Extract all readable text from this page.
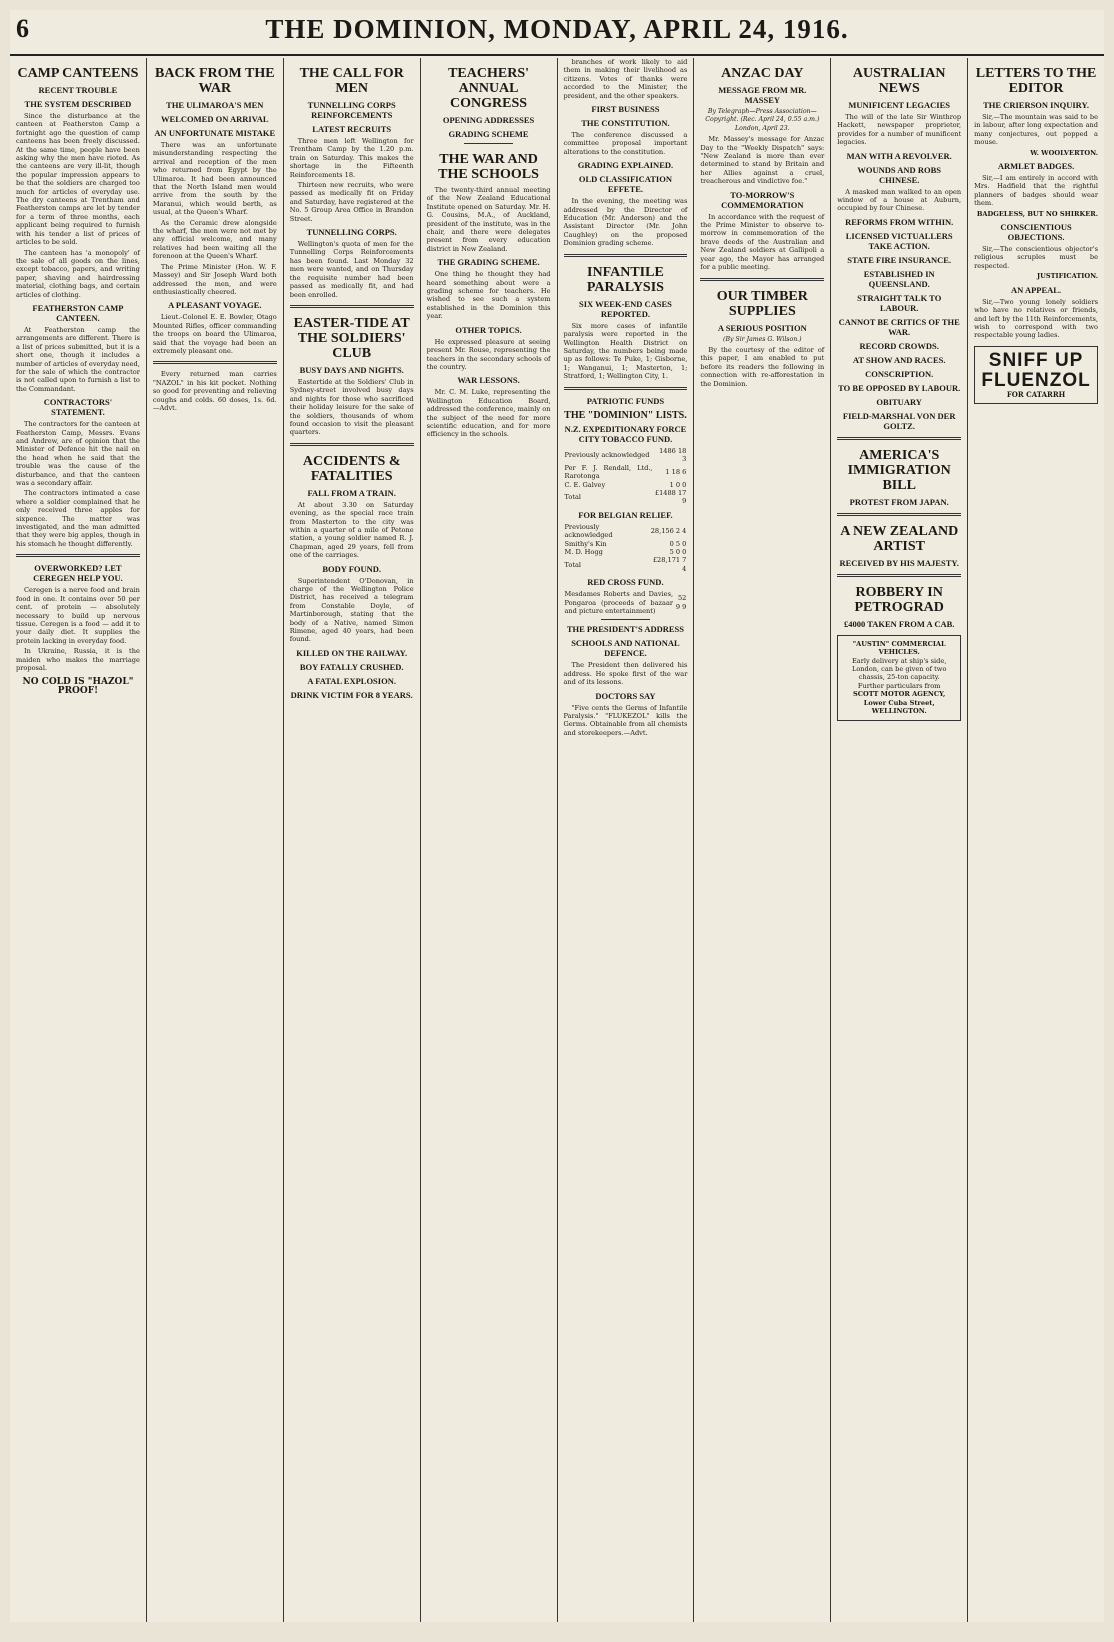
6	THE DOMINION, MONDAY, APRIL 24, 1916.
CAMP CANTEENS
RECENT TROUBLE
THE SYSTEM DESCRIBED

Since the disturbance at the canteen at Featherston Camp a fortnight ago the question of camp canteens has been freely discussed. At the same time, people have been asking why the men have rioted. As the canteens are very ill-lit, though the popular impression appears to be that the soldiers are charged too much for articles of everyday use. The dry canteens at Trentham and Featherston camps are let by tender for a term of three months, each applicant being required to furnish with his tender a list of prices of articles to be sold.

The canteen has 'a monopoly' of the sale of all goods on the lines, except tobacco, papers, and writing paper, shaving and hairdressing material, clothing bags, and certain articles of clothing.

FEATHERSTON CAMP CANTEEN.

At Featherston camp the arrangements are different. There is a list of prices submitted, but it is a short one, though it includes a number of articles of everyday need, for the sale of which the contractor is not called upon to furnish a list to the Commandant.

CONTRACTORS' STATEMENT.

The contractors for the canteen at Featherston Camp, Messrs. Evans and Andrew, are of opinion that the Minister of Defence hit the nail on the head when he said that the trouble was the cause of the disturbance, and that the canteen was a secondary affair.

The contractors intimated a case where a soldier complained that he only received three apples for sixpence. The matter was investigated, and the man admitted that they were big apples, though in his stomach he thought differently.

OVERWORKED? LET CEREGEN HELP YOU.

Ceregen is a nerve food and brain food in one. It contains over 50 per cent. of protein — absolutely necessary to build up nervous tissue. Ceregen is a food — add it to your daily diet. It supplies the protein lacking in everyday food.

In Ukraine, Russia, it is the maiden who makes the marriage proposal.

NO COLD IS "HAZOL" PROOF!
BACK FROM THE WAR
THE ULIMAROA'S MEN
WELCOMED ON ARRIVAL
AN UNFORTUNATE MISTAKE

There was an unfortunate misunderstanding respecting the arrival and reception of the men who returned from Egypt by the Ulimaroa. It had been announced that the North Island men would arrive from the south by the Maranui, which would berth, as usual, at the Queen's Wharf.

As the Ceramic drew alongside the wharf, the men were not met by any official welcome, and many relatives had been waiting all the forenoon at the Queen's Wharf.

The Prime Minister (Hon. W. F. Massey) and Sir Joseph Ward both addressed the men, and were enthusiastically cheered.

A PLEASANT VOYAGE.

Lieut.-Colonel E. E. Bowler, Otago Mounted Rifles, officer commanding the troops on board the Ulimaroa, said that the voyage had been an extremely pleasant one.

Every returned man carries "NAZOL" in his kit pocket. Nothing so good for preventing and relieving coughs and colds. 60 doses, 1s. 6d.—Advt.

THE CALL FOR MEN
TUNNELLING CORPS REINFORCEMENTS
LATEST RECRUITS

Three men left Wellington for Trentham Camp by the 1.20 p.m. train on Saturday. This makes the shortage in the Fifteenth Reinforcements 18.

Thirteen new recruits, who were passed as medically fit on Friday and Saturday, have registered at the No. 5 Group Area Office in Brandon Street.

TUNNELLING CORPS.

Wellington's quota of men for the Tunnelling Corps Reinforcements has been found. Last Monday 32 men were wanted, and on Thursday the requisite number had been passed as medically fit, and had been enrolled.

EASTER-TIDE AT THE SOLDIERS' CLUB
BUSY DAYS AND NIGHTS.

Eastertide at the Soldiers' Club in Sydney-street involved busy days and nights for those who sacrificed their holiday leisure for the sake of the soldiers, thousands of whom found occasion to visit the pleasant quarters.

ACCIDENTS & FATALITIES
FALL FROM A TRAIN.

At about 3.30 on Saturday evening, as the special race train from Masterton to the city was within a quarter of a mile of Petone station, a young soldier named R. J. Chapman, aged 29 years, fell from one of the carriages.

BODY FOUND.

Superintendent O'Donovan, in charge of the Wellington Police District, has received a telegram from Constable Doyle, of Martinborough, stating that the body of a Native, named Simon Rimene, aged 40 years, had been found.

KILLED ON THE RAILWAY.
BOY FATALLY CRUSHED.
A FATAL EXPLOSION.
DRINK VICTIM FOR 8 YEARS.
TEACHERS' ANNUAL CONGRESS
OPENING ADDRESSES
GRADING SCHEME
THE WAR AND THE SCHOOLS

The twenty-third annual meeting of the New Zealand Educational Institute opened on Saturday. Mr. H. G. Cousins, M.A., of Auckland, president of the institute, was in the chair, and there were delegates present from every education district in New Zealand.

THE GRADING SCHEME.

One thing he thought they had heard something about were a grading scheme for teachers. He wished to see such a system established in the Dominion this year.

OTHER TOPICS.

He expressed pleasure at seeing present Mr. Rouse, representing the teachers in the secondary schools of the country.

WAR LESSONS.

Mr. C. M. Luke, representing the Wellington Education Board, addressed the conference, mainly on the subject of the need for more scientific education, and for more efficiency in the schools.

branches of work likely to aid them in making their livelihood as citizens. Votes of thanks were accorded to the Minister, the president, and the other speakers.

FIRST BUSINESS
THE CONSTITUTION.

The conference discussed a committee proposal important alterations to the constitution.

GRADING EXPLAINED.
OLD CLASSIFICATION EFFETE.

In the evening, the meeting was addressed by the Director of Education (Mr. Anderson) and the Assistant Director (Mr. John Caughley) on the proposed Dominion grading scheme.

INFANTILE PARALYSIS
SIX WEEK-END CASES REPORTED.

Six more cases of infantile paralysis were reported in the Wellington Health District on Saturday, the numbers being made up as follows: Te Puke, 1; Gisborne, 1; Wanganui, 1; Masterton, 1; Stratford, 1; Wellington City, 1.

PATRIOTIC FUNDS
THE "DOMINION" LISTS.
N.Z. EXPEDITIONARY FORCE CITY TOBACCO FUND.
Previously acknowledged	1486 18 3
Per F. J. Rendall, Ltd., Rarotonga	1 18 6
C. E. Galvey	1 0 0
Total	£1488 17 9
FOR BELGIAN RELIEF.
Previously acknowledged	28,156 2 4
Smithy's Kin	0 5 0
M. D. Hogg	5 0 0
Total	£28,171 7 4
RED CROSS FUND.
Mesdames Roberts and Davies, Pongaroa (proceeds of bazaar and picture entertainment)	52 9 9
THE PRESIDENT'S ADDRESS
SCHOOLS AND NATIONAL DEFENCE.

The President then delivered his address. He spoke first of the war and of its lessons.

DOCTORS SAY

"Five cents the Germs of Infantile Paralysis." "FLUKEZOL" kills the Germs. Obtainable from all chemists and storekeepers.—Advt.

ANZAC DAY
MESSAGE FROM MR. MASSEY
By Telegraph—Press Association—Copyright. (Rec. April 24, 0.55 a.m.) London, April 23.

Mr. Massey's message for Anzac Day to the "Weekly Dispatch" says: "New Zealand is more than ever determined to stand by Britain and her Allies against a cruel, treacherous and vindictive foe."

TO-MORROW'S COMMEMORATION

In accordance with the request of the Prime Minister to observe to-morrow in commemoration of the brave deeds of the Australian and New Zealand soldiers at Gallipoli a year ago, the Mayor has arranged for a public meeting.

OUR TIMBER SUPPLIES
A SERIOUS POSITION
(By Sir James G. Wilson.)

By the courtesy of the editor of this paper, I am enabled to put before its readers the following in connection with re-afforestation in the Dominion.

AUSTRALIAN NEWS
MUNIFICENT LEGACIES

The will of the late Sir Winthrop Hackett, newspaper proprietor, provides for a number of munificent legacies.

MAN WITH A REVOLVER.
WOUNDS AND ROBS CHINESE.

A masked man walked to an open window of a house at Auburn, occupied by four Chinese.

REFORMS FROM WITHIN.
LICENSED VICTUALLERS TAKE ACTION.
STATE FIRE INSURANCE.
ESTABLISHED IN QUEENSLAND.
STRAIGHT TALK TO LABOUR.
CANNOT BE CRITICS OF THE WAR.
RECORD CROWDS.
AT SHOW AND RACES.
CONSCRIPTION.
TO BE OPPOSED BY LABOUR.
OBITUARY
FIELD-MARSHAL VON DER GOLTZ.
AMERICA'S IMMIGRATION BILL
PROTEST FROM JAPAN.
A NEW ZEALAND ARTIST
RECEIVED BY HIS MAJESTY.
ROBBERY IN PETROGRAD
£4000 TAKEN FROM A CAB.
"AUSTIN" COMMERCIAL VEHICLES.
Early delivery at ship's side, London, can be given of two chassis, 25-ton capacity.
Further particulars from
SCOTT MOTOR AGENCY,
Lower Cuba Street,
WELLINGTON.
LETTERS TO THE EDITOR
THE CRIERSON INQUIRY.

Sir,—The mountain was said to be in labour, after long expectation and many conjectures, out popped a mouse.

W. WOOLVERTON.
ARMLET BADGES.

Sir,—I am entirely in accord with Mrs. Hadfield that the rightful planners of badges should wear them.

BADGELESS, BUT NO SHIRKER.
CONSCIENTIOUS OBJECTIONS.

Sir,—The conscientious objector's religious scruples must be respected.

JUSTIFICATION.
AN APPEAL.

Sir,—Two young lonely soldiers who have no relatives or friends, and left by the 11th Reinforcements, wish to correspond with two respectable young ladies.

SNIFF UP
FLUENZOL
FOR CATARRH
